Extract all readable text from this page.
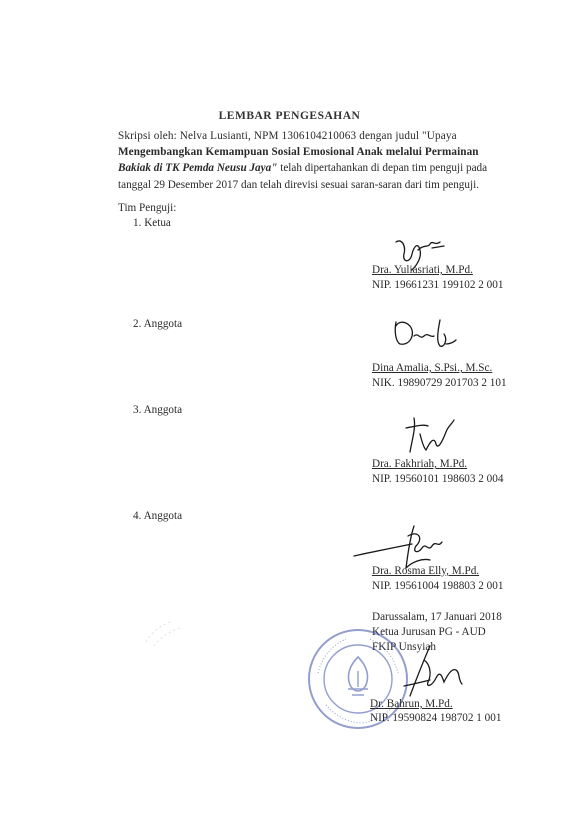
LEMBAR PENGESAHAN
Skripsi oleh: Nelva Lusianti, NPM 1306104210063 dengan judul "Upaya
Mengembangkan Kemampuan Sosial Emosional Anak melalui Permainan
Bakiak di TK Pemda Neusu Jaya" telah dipertahankan di depan tim penguji pada
tanggal 29 Desember 2017 dan telah direvisi sesuai saran-saran dari tim penguji.
Tim Penguji:
1. Ketua
Dra. Yuliasriati, M.Pd.
NIP. 19661231 199102 2 001
2. Anggota
Dina Amalia, S.Psi., M.Sc.
NIK. 19890729 201703 2 101
3. Anggota
Dra. Fakhriah, M.Pd.
NIP. 19560101 198603 2 004
4. Anggota
Dra. Rosma Elly, M.Pd.
NIP. 19561004 198803 2 001
Darussalam, 17 Januari 2018
Ketua Jurusan PG - AUD
FKIP Unsyiah
Dr. Bahrun, M.Pd.
NIP. 19590824 198702 1 001
